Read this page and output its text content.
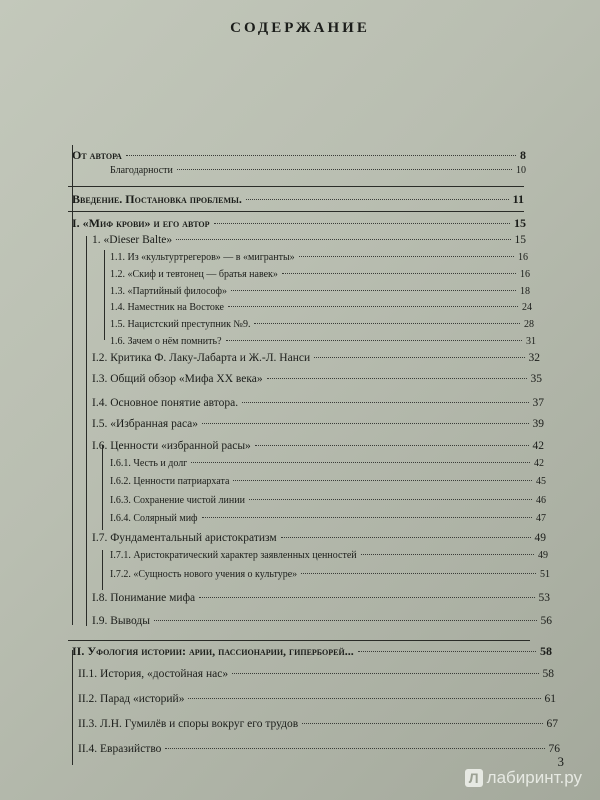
СОДЕРЖАНИЕ
От автора	8
Благодарности	10
Введение. Постановка проблемы.	11
I. «Миф крови» и его автор	15
1. «Dieser Balte»	15
1.1. Из «культуртрегеров» — в «мигранты»	16
1.2. «Скиф и тевтонец — братья навек»	16
1.3. «Партийный философ»	18
1.4. Наместник на Востоке	24
1.5. Нацистский преступник №9.	28
1.6. Зачем о нём помнить?	31
I.2. Критика Ф. Лаку-Лабарта и Ж.-Л. Нанси	32
I.3. Общий обзор «Мифа XX века»	35
I.4. Основное понятие автора.	37
I.5. «Избранная раса»	39
I.6. Ценности «избранной расы»	42
I.6.1. Честь и долг	42
I.6.2. Ценности патриархата	45
I.6.3. Сохранение чистой линии	46
I.6.4. Солярный миф	47
I.7. Фундаментальный аристократизм	49
I.7.1. Аристократический характер заявленных ценностей	49
I.7.2. «Сущность нового учения о культуре»	51
I.8. Понимание мифа	53
I.9. Выводы	56
II. Уфология истории: арии, пассионарии, гиперборей...	58
II.1. История, «достойная нас»	58
II.2. Парад «историй»	61
II.3. Л.Н. Гумилёв и споры вокруг его трудов	67
II.4. Евразийство	76
3
Л лабиринт.ру
